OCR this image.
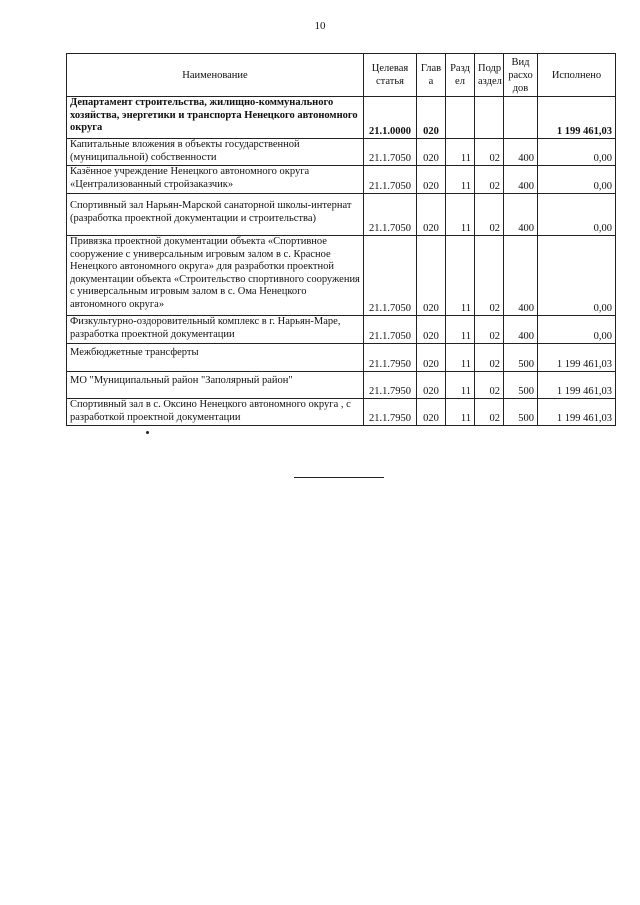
10
Наименование	Целевая статья	Глав а	Разд ел	Подр аздел	Вид расхо дов	Исполнено
Департамент строительства, жилищно-коммунального хозяйства, энергетики и транспорта Ненецкого автономного округа	21.1.0000	020				1 199 461,03
Капитальные вложения в объекты государственной (муниципальной) собственности	21.1.7050	020	11	02	400	0,00
Казённое учреждение Ненецкого автономного округа «Централизованный стройзаказчик»	21.1.7050	020	11	02	400	0,00
Спортивный зал Нарьян-Марской санаторной школы-интернат (разработка проектной документации и строительства)	21.1.7050	020	11	02	400	0,00
Привязка проектной документации объекта «Спортивное сооружение с универсальным игровым залом в с. Красное Ненецкого автономного округа» для разработки проектной документации объекта «Строительство спортивного сооружения с универсальным игровым залом в с. Ома Ненецкого автономного округа»	21.1.7050	020	11	02	400	0,00
Физкультурно-оздоровительный комплекс в г. Нарьян-Маре, разработка проектной документации	21.1.7050	020	11	02	400	0,00
Межбюджетные трансферты	21.1.7950	020	11	02	500	1 199 461,03
МО "Муниципальный район "Заполярный район"	21.1.7950	020	11	02	500	1 199 461,03
Спортивный зал в с. Оксино Ненецкого автономного округа , с разработкой проектной документации	21.1.7950	020	11	02	500	1 199 461,03
